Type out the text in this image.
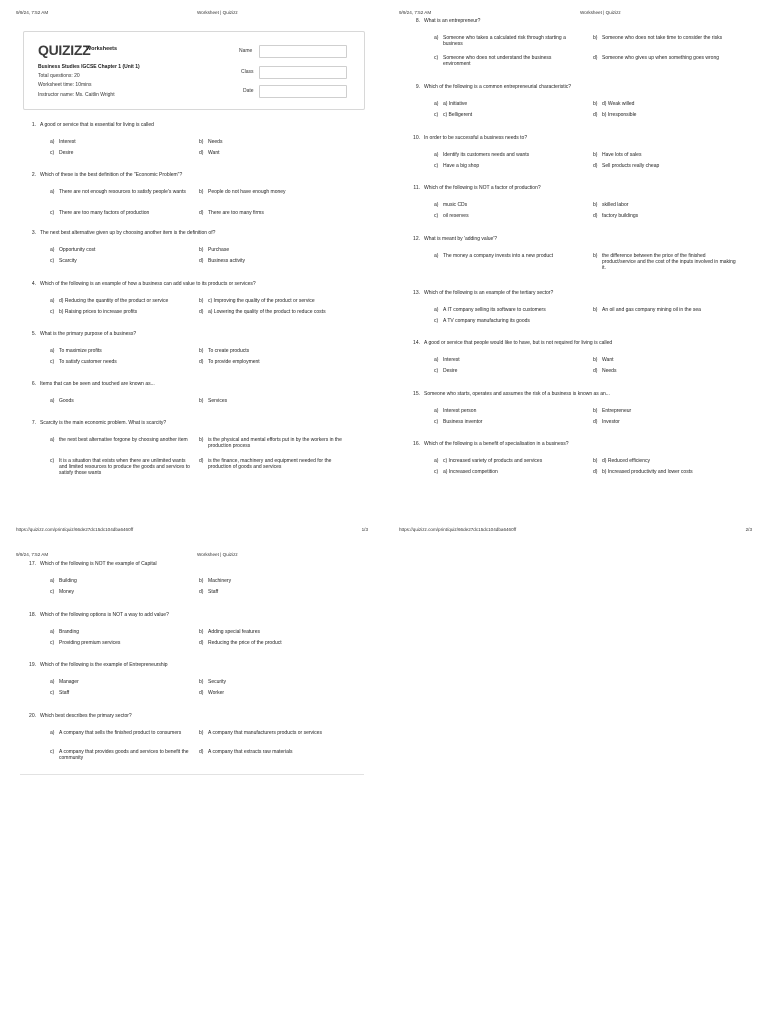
9/9/24, 7:52 AM	Worksheet | Quizizz
QUIZIZZ
Worksheets
Business Studies IGCSE Chapter 1 (Unit 1)
Total questions: 20
Worksheet time: 10mins
Instructor name: Ms. Caitlin Wright
Name
Class
Date
1. A good or service that is essential for living is called
a) Interest	b) Needs
c) Desire	d) Want
2. Which of these is the best definition of the "Economic Problem"?
a) There are not enough resources to satisfy people's wants	b) People do not have enough money
c) There are too many factors of production	d) There are too many firms
3. The next best alternative given up by choosing another item is the definition of?
a) Opportunity cost	b) Purchase
c) Scarcity	d) Business activity
4. Which of the following is an example of how a business can add value to its products or services?
a) d) Reducing the quantity of the product or service	b) c) Improving the quality of the product or service
c) b) Raising prices to increase profits	d) a) Lowering the quality of the product to reduce costs
5. What is the primary purpose of a business?
a) To maximize profits	b) To create products
c) To satisfy customer needs	d) To provide employment
6. Items that can be seen and touched are known as...
a) Goods	b) Services
7. Scarcity is the main economic problem. What is scarcity?
a) the next best alternative forgone by choosing another item	b) is the physical and mental efforts put in by the workers in the production process
c) It is a situation that exists when there are unlimited wants and limited resources to produce the goods and services to satisfy those wants
d) is the finance, machinery and equipment needed for the production of goods and services
https://quizizz.com/print/quiz/66de27dc15dc104dba6460ff	1/3
9/9/24, 7:52 AM	Worksheet | Quizizz
8. What is an entrepreneur?
a) Someone who takes a calculated risk through starting a business
b) Someone who does not take time to consider the risks
c) Someone who does not understand the business environment
d) Someone who gives up when something goes wrong
9. Which of the following is a common entrepreneurial characteristic?
a) a) Initiative	b) d) Weak willed
c) c) Belligerent	d) b) Irresponsible
10. In order to be successful a business needs to?
a) Identify its customers needs and wants	b) Have lots of sales
c) Have a big shop	d) Sell products really cheap
11. Which of the following is NOT a factor of production?
a) music CDs	b) skilled labor
c) oil reserves	d) factory buildings
12. What is meant by 'adding value'?
a) The money a company invests into a new product	b) the difference between the price of the finished product/service and the cost of the inputs involved in making it.
13. Which of the following is an example of the tertiary sector?
a) A IT company selling its software to customers	b) An oil and gas company mining oil in the sea
c) A TV company manufacturing its goods
14. A good or service that people would like to have, but is not required for living is called
a) Interest	b) Want
c) Desire	d) Needs
15. Someone who starts, operates and assumes the risk of a business is known as an...
a) Interest person	b) Entrepreneur
c) Business inventor	d) Investor
16. Which of the following is a benefit of specialisation in a business?
a) c) Increased variety of products and services	b) d) Reduced efficiency
c) a) Increased competition	d) b) Increased productivity and lower costs
https://quizizz.com/print/quiz/66de27dc15dc104dba6460ff	2/3
9/9/24, 7:52 AM	Worksheet | Quizizz
17. Which of the following is NOT the example of Capital
a) Building	b) Machinery
c) Money	d) Staff
18. Which of the following options is NOT a way to add value?
a) Branding	b) Adding special features
c) Providing premium services	d) Reducing the price of the product
19. Which of the following is the example of Entrepreneurship
a) Manager	b) Security
c) Staff	d) Worker
20. Which best describes the primary sector?
a) A company that sells the finished product to consumers	b) A company that manufacturers products or services
c) A company that provides goods and services to benefit the community
d) A company that extracts raw materials
